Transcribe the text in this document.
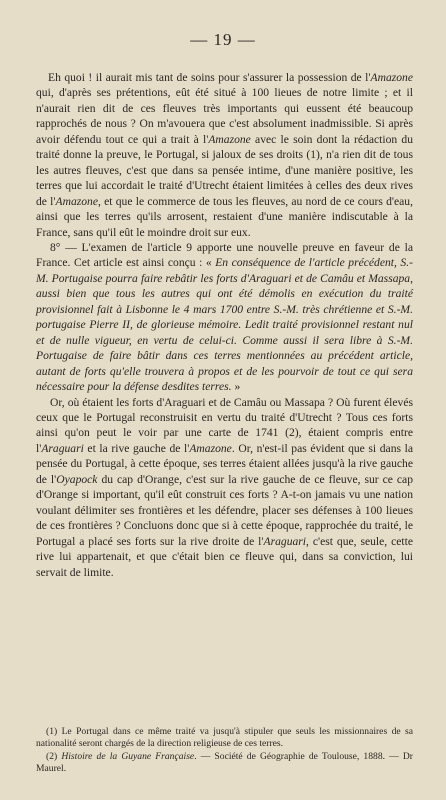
— 19 —

Eh quoi ! il aurait mis tant de soins pour s'assurer la possession de l'Amazone qui, d'après ses prétentions, eût été situé à 100 lieues de notre limite ; et il n'aurait rien dit de ces fleuves très importants qui eussent été beaucoup rapprochés de nous ? On m'avouera que c'est absolument inadmissible. Si après avoir défendu tout ce qui a trait à l'Amazone avec le soin dont la rédaction du traité donne la preuve, le Portugal, si jaloux de ses droits (1), n'a rien dit de tous les autres fleuves, c'est que dans sa pensée intime, d'une manière positive, les terres que lui accordait le traité d'Utrecht étaient limitées à celles des deux rives de l'Amazone, et que le commerce de tous les fleuves, au nord de ce cours d'eau, ainsi que les terres qu'ils arrosent, restaient d'une manière indiscutable à la France, sans qu'il eût le moindre droit sur eux.

8° — L'examen de l'article 9 apporte une nouvelle preuve en faveur de la France. Cet article est ainsi conçu : « En conséquence de l'article précédent, S.-M. Portugaise pourra faire rebâtir les forts d'Araguari et de Camâu et Massapa, aussi bien que tous les autres qui ont été démolis en exécution du traité provisionnel fait à Lisbonne le 4 mars 1700 entre S.-M. très chrétienne et S.-M. portugaise Pierre II, de glorieuse mémoire. Ledit traité provisionnel restant nul et de nulle vigueur, en vertu de celui-ci. Comme aussi il sera libre à S.-M. Portugaise de faire bâtir dans ces terres mentionnées au précédent article, autant de forts qu'elle trouvera à propos et de les pourvoir de tout ce qui sera nécessaire pour la défense desdites terres. »

Or, où étaient les forts d'Araguari et de Camâu ou Massapa ? Où furent élevés ceux que le Portugal reconstruisit en vertu du traité d'Utrecht ? Tous ces forts ainsi qu'on peut le voir par une carte de 1741 (2), étaient compris entre l'Araguari et la rive gauche de l'Amazone. Or, n'est-il pas évident que si dans la pensée du Portugal, à cette époque, ses terres étaient allées jusqu'à la rive gauche de l'Oyapock du cap d'Orange, c'est sur la rive gauche de ce fleuve, sur ce cap d'Orange si important, qu'il eût construit ces forts ? A-t-on jamais vu une nation voulant délimiter ses frontières et les défendre, placer ses défenses à 100 lieues de ces frontières ? Concluons donc que si à cette époque, rapprochée du traité, le Portugal a placé ses forts sur la rive droite de l'Araguari, c'est que, seule, cette rive lui appartenait, et que c'était bien ce fleuve qui, dans sa conviction, lui servait de limite.

(1) Le Portugal dans ce même traité va jusqu'à stipuler que seuls les missionnaires de sa nationalité seront chargés de la direction religieuse de ces terres.

(2) Histoire de la Guyane Française. — Société de Géographie de Toulouse, 1888. — Dr Maurel.
